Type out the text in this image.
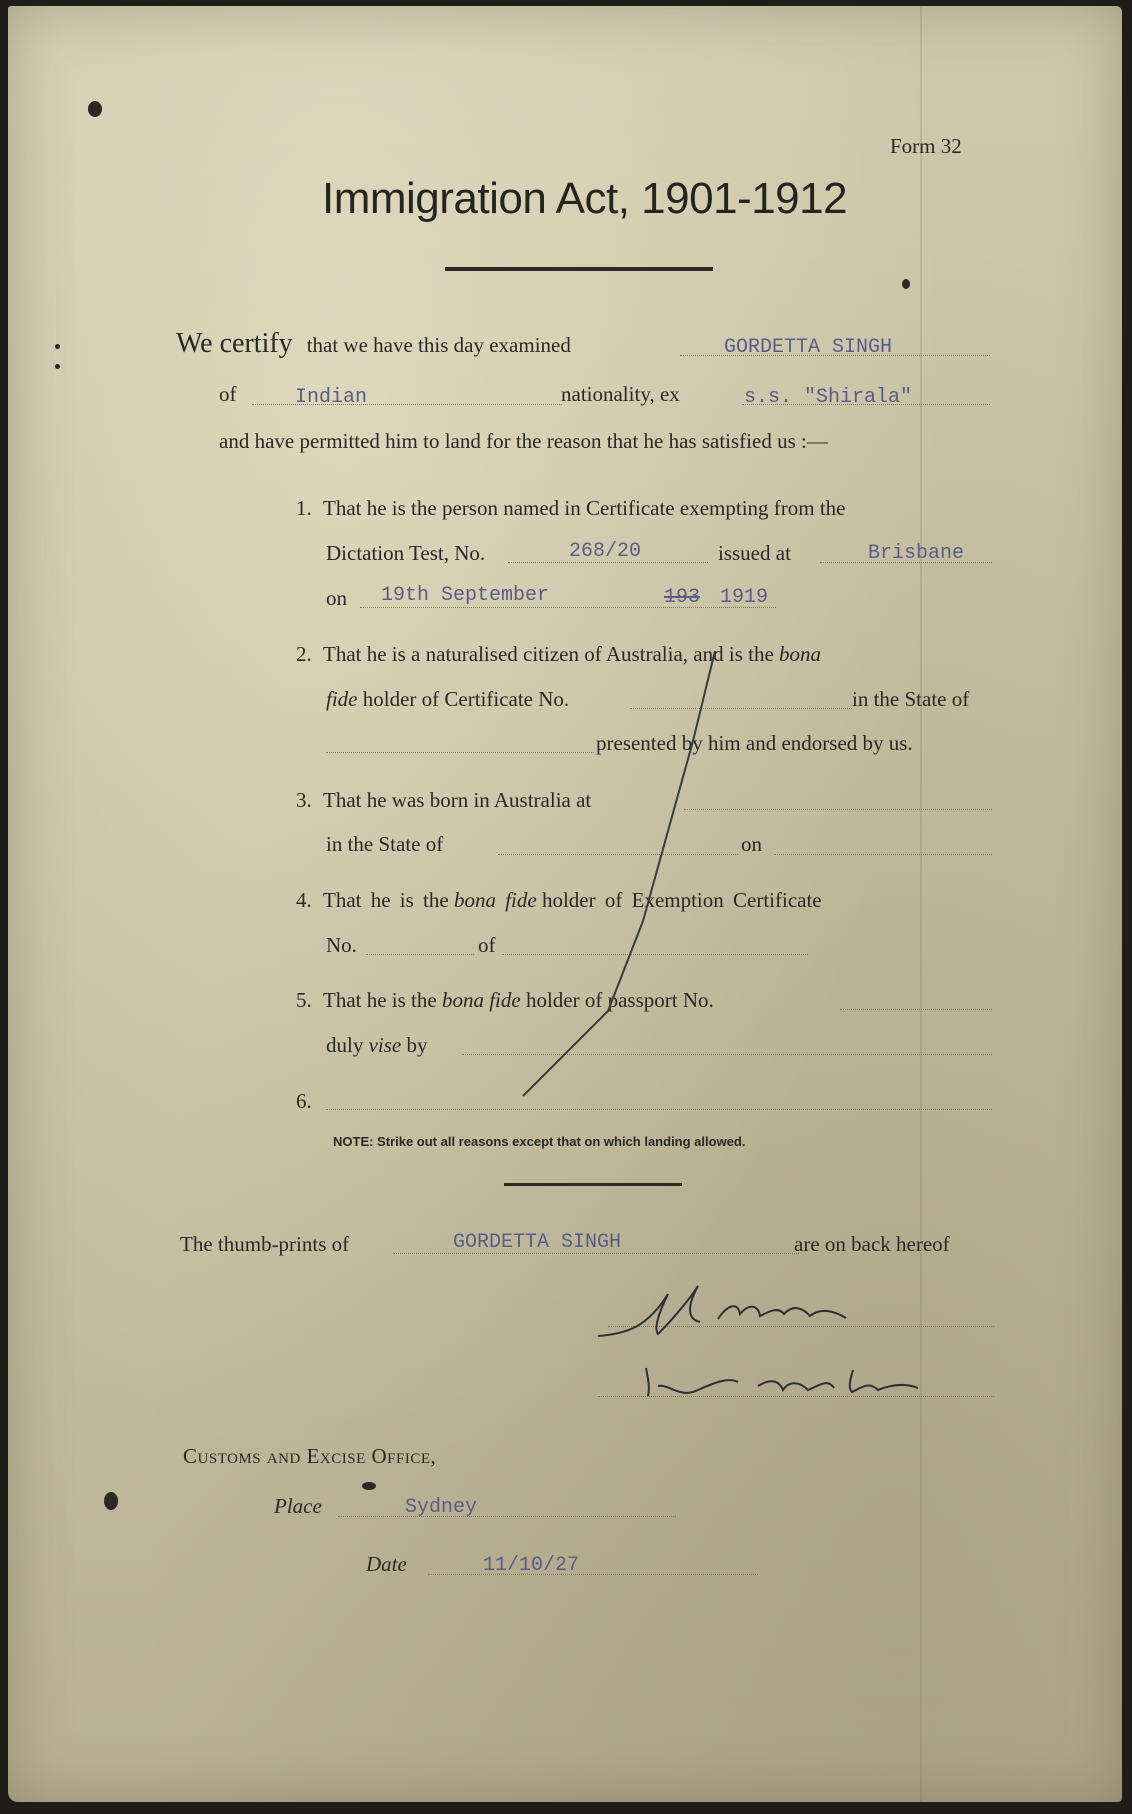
Form 32
Immigration Act, 1901-1912
We certify that we have this day examined	GORDETTA SINGH
of	Indian	nationality, ex	s.s. "Shirala"
and have permitted him to land for the reason that he has satisfied us :—
1. That he is the person named in Certificate exempting from the
Dictation Test, No.	268/20	issued at	Brisbane
on 19th September	193 1919
2. That he is a naturalised citizen of Australia, and is the bona
fide holder of Certificate No.	in the State of
presented by him and endorsed by us.
3. That he was born in Australia at
in the State of	on
4. That he is the bona fide holder of Exemption Certificate
No.	of
5. That he is the bona fide holder of passport No.
duly vise by
6.
NOTE: Strike out all reasons except that on which landing allowed.
The thumb-prints of	GORDETTA SINGH	are on back hereof
Customs and Excise Office,
Place	Sydney
Date	11/10/27
